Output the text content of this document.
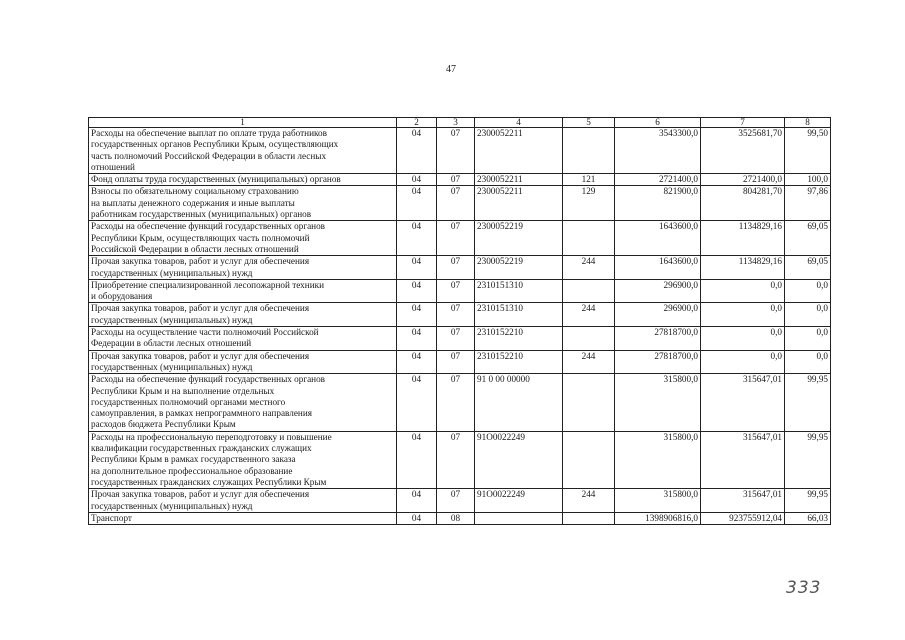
47
1	2	3	4	5	6	7	8
Расходы на обеспечение выплат по оплате труда работников
государственных органов Республики Крым, осуществляющих
часть полномочий Российской Федерации в области лесных
отношений	04	07	2300052211		3543300,0	3525681,70	99,50
Фонд оплаты труда государственных (муниципальных) органов	04	07	2300052211	121	2721400,0	2721400,0	100,0
Взносы по обязательному социальному страхованию
на выплаты денежного содержания и иные выплаты
работникам государственных (муниципальных) органов	04	07	2300052211	129	821900,0	804281,70	97,86
Расходы на обеспечение функций государственных органов
Республики Крым, осуществляющих часть полномочий
Российской Федерации в области лесных отношений	04	07	2300052219		1643600,0	1134829,16	69,05
Прочая закупка товаров, работ и услуг для обеспечения
государственных (муниципальных) нужд	04	07	2300052219	244	1643600,0	1134829,16	69,05
Приобретение специализированной лесопожарной техники
и оборудования	04	07	2310151310		296900,0	0,0	0,0
Прочая закупка товаров, работ и услуг для обеспечения
государственных (муниципальных) нужд	04	07	2310151310	244	296900,0	0,0	0,0
Расходы на осуществление части полномочий Российской
Федерации в области лесных отношений	04	07	2310152210		27818700,0	0,0	0,0
Прочая закупка товаров, работ и услуг для обеспечения
государственных (муниципальных) нужд	04	07	2310152210	244	27818700,0	0,0	0,0
Расходы на обеспечение функций государственных органов
Республики Крым и на выполнение отдельных
государственных полномочий органами местного
самоуправления, в рамках непрограммного направления
расходов бюджета Республики Крым	04	07	91 0 00 00000		315800,0	315647,01	99,95
Расходы на профессиональную переподготовку и повышение
квалификации государственных гражданских служащих
Республики Крым в рамках государственного заказа
на дополнительное профессиональное образование
государственных гражданских служащих Республики Крым	04	07	91О0022249		315800,0	315647,01	99,95
Прочая закупка товаров, работ и услуг для обеспечения
государственных (муниципальных) нужд	04	07	91О0022249	244	315800,0	315647,01	99,95
Транспорт	04	08			1398906816,0	923755912,04	66,03
333
